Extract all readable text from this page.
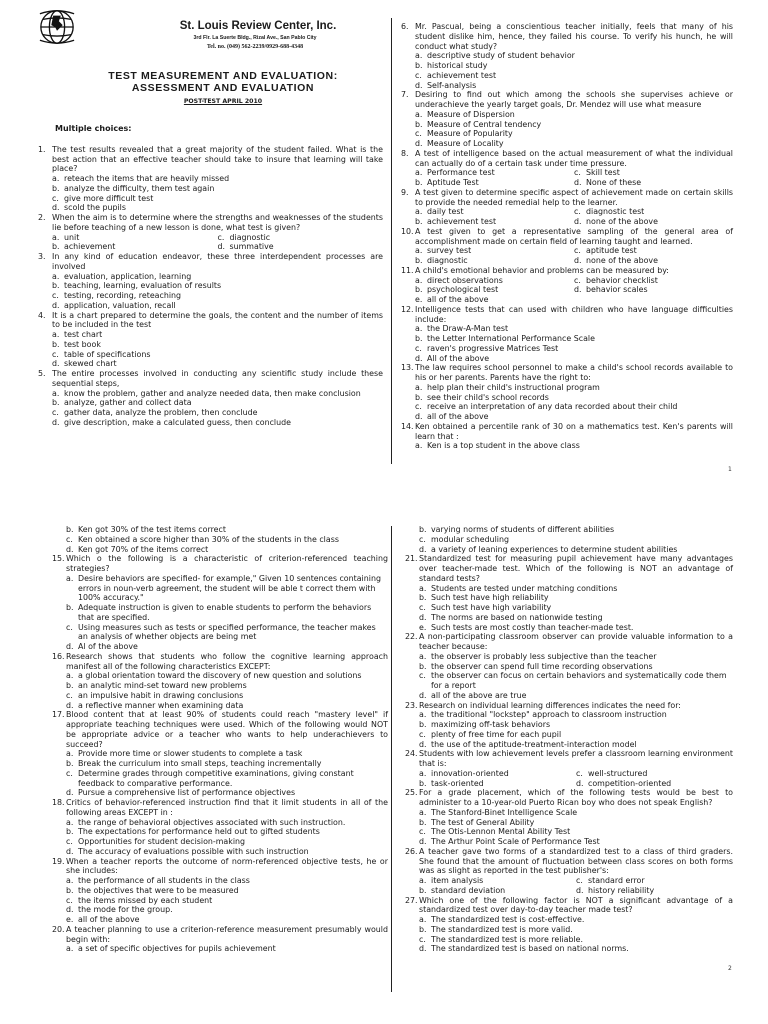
St. Louis Review Center, Inc.
3rd Flr. La Suerte Bldg., Rizal Ave., San Pablo City
Tel. no. (049) 562-2239/0929-688-4348
TEST MEASUREMENT AND EVALUATION:
ASSESSMENT AND EVALUATION
POST-TEST APRIL 2010
Multiple choices:
1. The test results revealed that a great majority of the student failed. What is the best action that an effective teacher should take to insure that learning will take place?
a. reteach the items that are heavily missed
b. analyze the difficulty, them test again
c. give more difficult test
d. scold the pupils
2. When the aim is to determine where the strengths and weaknesses of the students lie before teaching of a new lesson is done, what test is given?
a. unit	c. diagnostic
b. achievement	d. summative
3. In any kind of education endeavor, these three interdependent processes are involved
a. evaluation, application, learning
b. teaching, learning, evaluation of results
c. testing, recording, reteaching
d. application, valuation, recall
4. It is a chart prepared to determine the goals, the content and the number of items to be included in the test
a. test chart
b. test book
c. table of specifications
d. skewed chart
5. The entire processes involved in conducting any scientific study include these sequential steps,
a. know the problem, gather and analyze needed data, then make conclusion
b. analyze, gather and collect data
c. gather data, analyze the problem, then conclude
d. give description, make a calculated guess, then conclude
6. Mr. Pascual, being a conscientious teacher initially, feels that many of his student dislike him, hence, they failed his course. To verify his hunch, he will conduct what study?
a. descriptive study of student behavior
b. historical study
c. achievement test
d. Self-analysis
7. Desiring to find out which among the schools she supervises achieve or underachieve the yearly target goals, Dr. Mendez will use what measure
a. Measure of Dispersion
b. Measure of Central tendency
c. Measure of Popularity
d. Measure of Locality
8. A test of intelligence based on the actual measurement of what the individual can actually do of a certain task under time pressure.
a. Performance test	c. Skill test
b. Aptitude Test	d. None of these
9. A test given to determine specific aspect of achievement made on certain skills to provide the needed remedial help to the learner.
a. daily test	c. diagnostic test
b. achievement test	d. none of the above
10. A test given to get a representative sampling of the general area of accomplishment made on certain field of learning taught and learned.
a. survey test	c. aptitude test
b. diagnostic	d. none of the above
11. A child's emotional behavior and problems can be measured by:
a. direct observations	c. behavior checklist
b. psychological test	d. behavior scales
e. all of the above
12. Intelligence tests that can used with children who have language difficulties include:
a. the Draw-A-Man test
b. the Letter International Performance Scale
c. raven's progressive Matrices Test
d. All of the above
13. The law requires school personnel to make a child's school records available to his or her parents. Parents have the right to:
a. help plan their child's instructional program
b. see their child's school records
c. receive an interpretation of any data recorded about their child
d. all of the above
14. Ken obtained a percentile rank of 30 on a mathematics test. Ken's parents will learn that :
a. Ken is a top student in the above class
1
b. Ken got 30% of the test items correct
c. Ken obtained a score higher than 30% of the students in the class
d. Ken got 70% of the items correct
15. Which o the following is a characteristic of criterion-referenced teaching strategies?
a. Desire behaviors are specified- for example," Given 10 sentences containing errors in noun-verb agreement, the student will be able t correct them with 100% accuracy."
b. Adequate instruction is given to enable students to perform the behaviors that are specified.
c. Using measures such as tests or specified performance, the teacher makes an analysis of whether objects are being met
d. Al of the above
16. Research shows that students who follow the cognitive learning approach manifest all of the following characteristics EXCEPT:
a. a global orientation toward the discovery of new question and solutions
b. an analytic mind-set toward new problems
c. an impulsive habit in drawing conclusions
d. a reflective manner when examining data
17. Blood content that at least 90% of students could reach "mastery level" if appropriate teaching techniques were used. Which of the following would NOT be appropriate advice or a teacher who wants to help underachievers to succeed?
a. Provide more time or slower students to complete a task
b. Break the curriculum into small steps, teaching incrementally
c. Determine grades through competitive examinations, giving constant feedback to comparative performance.
d. Pursue a comprehensive list of performance objectives
18. Critics of behavior-referenced instruction find that it limit students in all of the following areas EXCEPT in :
a. the range of behavioral objectives associated with such instruction.
b. The expectations for performance held out to gifted students
c. Opportunities for student decision-making
d. The accuracy of evaluations possible with such instruction
19. When a teacher reports the outcome of norm-referenced objective tests, he or she includes:
a. the performance of all students in the class
b. the objectives that were to be measured
c. the items missed by each student
d. the mode for the group.
e. all of the above
20. A teacher planning to use a criterion-reference measurement presumably would begin with:
a. a set of specific objectives for pupils achievement
b. varying norms of students of different abilities
c. modular scheduling
d. a variety of leaning experiences to determine student abilities
21. Standardized test for measuring pupil achievement have many advantages over teacher-made test. Which of the following is NOT an advantage of standard tests?
a. Students are tested under matching conditions
b. Such test have high reliability
c. Such test have high variability
d. The norms are based on nationwide testing
e. Such tests are most costly than teacher-made test.
22. A non-participating classroom observer can provide valuable information to a teacher because:
a. the observer is probably less subjective than the teacher
b. the observer can spend full time recording observations
c. the observer can focus on certain behaviors and systematically code them for a report
d. all of the above are true
23. Research on individual learning differences indicates the need for:
a. the traditional "lockstep" approach to classroom instruction
b. maximizing off-task behaviors
c. plenty of free time for each pupil
d. the use of the aptitude-treatment-interaction model
24. Students with low achievement levels prefer a classroom learning environment that is:
a. innovation-oriented	c. well-structured
b. task-oriented	d. competition-oriented
25. For a grade placement, which of the following tests would be best to administer to a 10-year-old Puerto Rican boy who does not speak English?
a. The Stanford-Binet Intelligence Scale
b. The test of General Ability
c. The Otis-Lennon Mental Ability Test
d. The Arthur Point Scale of Performance Test
26. A teacher gave two forms of a standardized test to a class of third graders. She found that the amount of fluctuation between class scores on both forms was as slight as reported in the test publisher's:
a. item analysis	c. standard error
b. standard deviation	d. history reliability
27. Which one of the following factor is NOT a significant advantage of a standardized test over day-to-day teacher made test?
a. The standardized test is cost-effective.
b. The standardized test is more valid.
c. The standardized test is more reliable.
d. The standardized test is based on national norms.
2
